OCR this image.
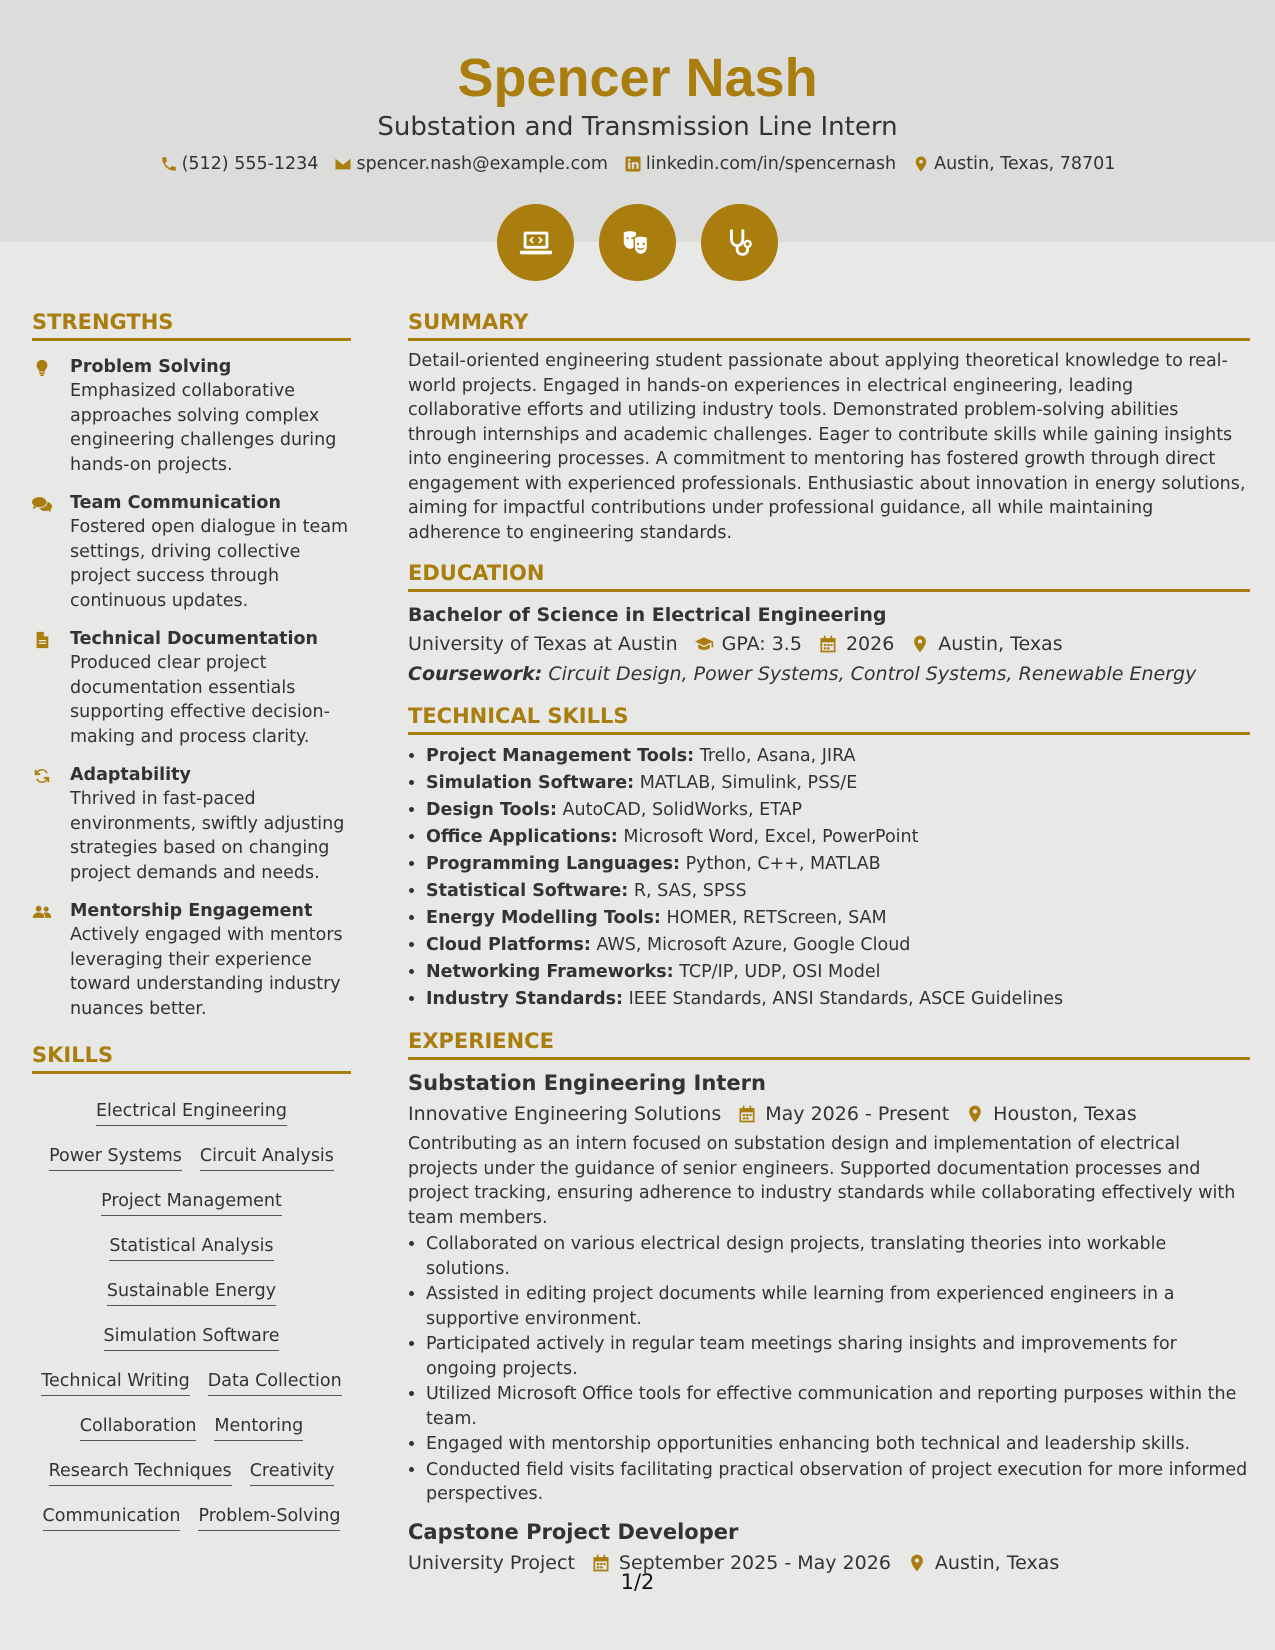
Spencer Nash
Substation and Transmission Line Intern
(512) 555-1234 spencer.nash@example.com linkedin.com/in/spencernash Austin, Texas, 78701
STRENGTHS
Problem Solving
Emphasized collaborative approaches solving complex engineering challenges during hands-on projects.
Team Communication
Fostered open dialogue in team settings, driving collective project success through continuous updates.
Technical Documentation
Produced clear project documentation essentials supporting effective decision-making and process clarity.
Adaptability
Thrived in fast-paced environments, swiftly adjusting strategies based on changing project demands and needs.
Mentorship Engagement
Actively engaged with mentors leveraging their experience toward understanding industry nuances better.
SKILLS
Electrical Engineering
Power Systems Circuit Analysis
Project Management
Statistical Analysis
Sustainable Energy
Simulation Software
Technical Writing Data Collection
Collaboration Mentoring
Research Techniques Creativity
Communication Problem-Solving
SUMMARY
Detail-oriented engineering student passionate about applying theoretical knowledge to real-world projects. Engaged in hands-on experiences in electrical engineering, leading collaborative efforts and utilizing industry tools. Demonstrated problem-solving abilities through internships and academic challenges. Eager to contribute skills while gaining insights into engineering processes. A commitment to mentoring has fostered growth through direct engagement with experienced professionals. Enthusiastic about innovation in energy solutions, aiming for impactful contributions under professional guidance, all while maintaining adherence to engineering standards.
EDUCATION
Bachelor of Science in Electrical Engineering
University of Texas at Austin GPA: 3.5 2026 Austin, Texas
Coursework: Circuit Design, Power Systems, Control Systems, Renewable Energy
TECHNICAL SKILLS
• Project Management Tools: Trello, Asana, JIRA
• Simulation Software: MATLAB, Simulink, PSS/E
• Design Tools: AutoCAD, SolidWorks, ETAP
• Office Applications: Microsoft Word, Excel, PowerPoint
• Programming Languages: Python, C++, MATLAB
• Statistical Software: R, SAS, SPSS
• Energy Modelling Tools: HOMER, RETScreen, SAM
• Cloud Platforms: AWS, Microsoft Azure, Google Cloud
• Networking Frameworks: TCP/IP, UDP, OSI Model
• Industry Standards: IEEE Standards, ANSI Standards, ASCE Guidelines
EXPERIENCE
Substation Engineering Intern
Innovative Engineering Solutions May 2026 - Present Houston, Texas
Contributing as an intern focused on substation design and implementation of electrical projects under the guidance of senior engineers. Supported documentation processes and project tracking, ensuring adherence to industry standards while collaborating effectively with team members.
• Collaborated on various electrical design projects, translating theories into workable solutions.
• Assisted in editing project documents while learning from experienced engineers in a supportive environment.
• Participated actively in regular team meetings sharing insights and improvements for ongoing projects.
• Utilized Microsoft Office tools for effective communication and reporting purposes within the team.
• Engaged with mentorship opportunities enhancing both technical and leadership skills.
• Conducted field visits facilitating practical observation of project execution for more informed perspectives.
Capstone Project Developer
University Project September 2025 - May 2026 Austin, Texas
1/2
